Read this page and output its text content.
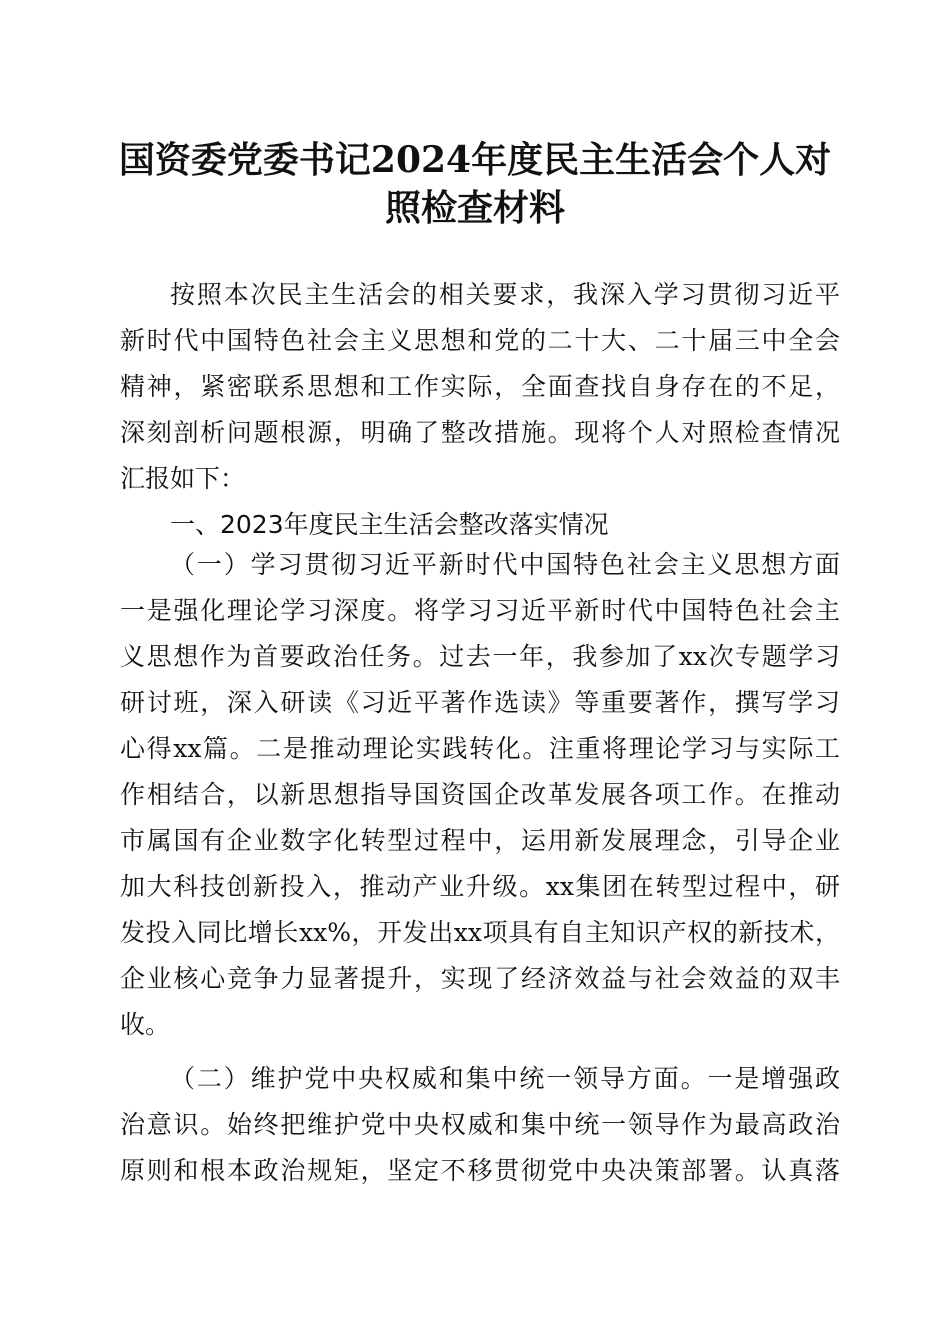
国资委党委书记2024年度民主生活会个人对
照检查材料
按照本次民主生活会的相关要求，我深入学习贯彻习近平
新时代中国特色社会主义思想和党的二十大、二十届三中全会
精神，紧密联系思想和工作实际，全面查找自身存在的不足，
深刻剖析问题根源，明确了整改措施。现将个人对照检查情况
汇报如下：
一、2023年度民主生活会整改落实情况
（一）学习贯彻习近平新时代中国特色社会主义思想方面
一是强化理论学习深度。将学习习近平新时代中国特色社会主
义思想作为首要政治任务。过去一年，我参加了xx次专题学习
研讨班，深入研读《习近平著作选读》等重要著作，撰写学习
心得xx篇。二是推动理论实践转化。注重将理论学习与实际工
作相结合，以新思想指导国资国企改革发展各项工作。在推动
市属国有企业数字化转型过程中，运用新发展理念，引导企业
加大科技创新投入，推动产业升级。xx集团在转型过程中，研
发投入同比增长xx%，开发出xx项具有自主知识产权的新技术，
企业核心竞争力显著提升，实现了经济效益与社会效益的双丰
收。
（二）维护党中央权威和集中统一领导方面。一是增强政
治意识。始终把维护党中央权威和集中统一领导作为最高政治
原则和根本政治规矩，坚定不移贯彻党中央决策部署。认真落
